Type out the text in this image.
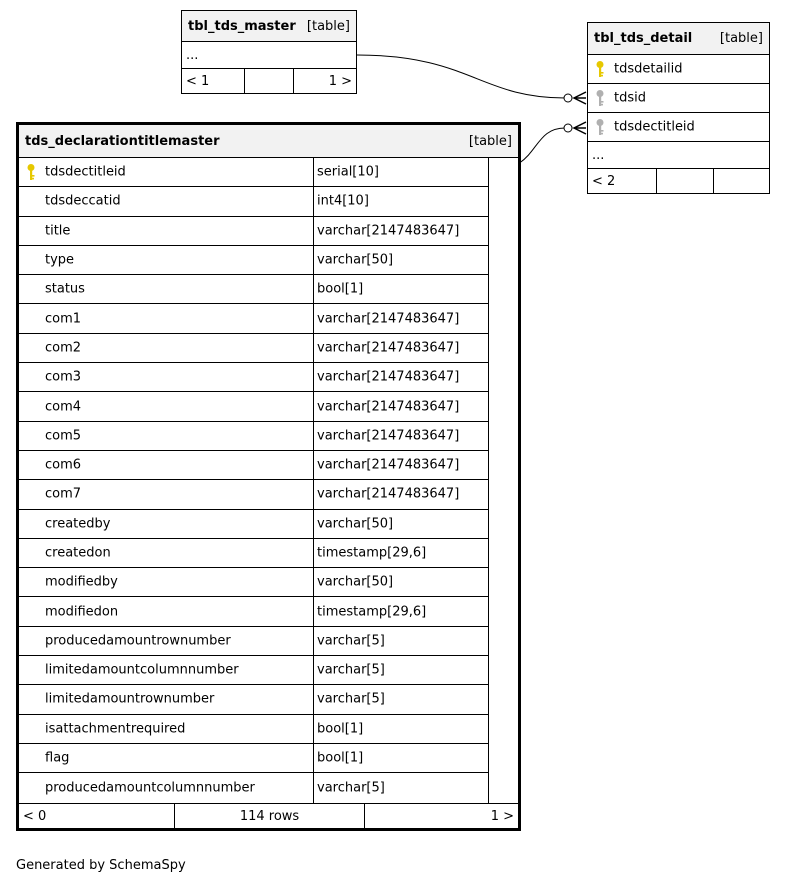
tbl_tds_master [table]
...
< 1	1 >
tbl_tds_detail [table]
tdsdetailid
tdsid
tdsdectitleid
...
< 2
tds_declarationtitlemaster	[table]
tdsdectitleid	serial[10]
tdsdeccatid	int4[10]
title	varchar[2147483647]
type	varchar[50]
status	bool[1]
com1	varchar[2147483647]
com2	varchar[2147483647]
com3	varchar[2147483647]
com4	varchar[2147483647]
com5	varchar[2147483647]
com6	varchar[2147483647]
com7	varchar[2147483647]
createdby	varchar[50]
createdon	timestamp[29,6]
modifiedby	varchar[50]
modifiedon	timestamp[29,6]
producedamountrownumber	varchar[5]
limitedamountcolumnnumber	varchar[5]
limitedamountrownumber	varchar[5]
isattachmentrequired	bool[1]
flag	bool[1]
producedamountcolumnnumber	varchar[5]
< 0	114 rows	1 >
Generated by SchemaSpy
